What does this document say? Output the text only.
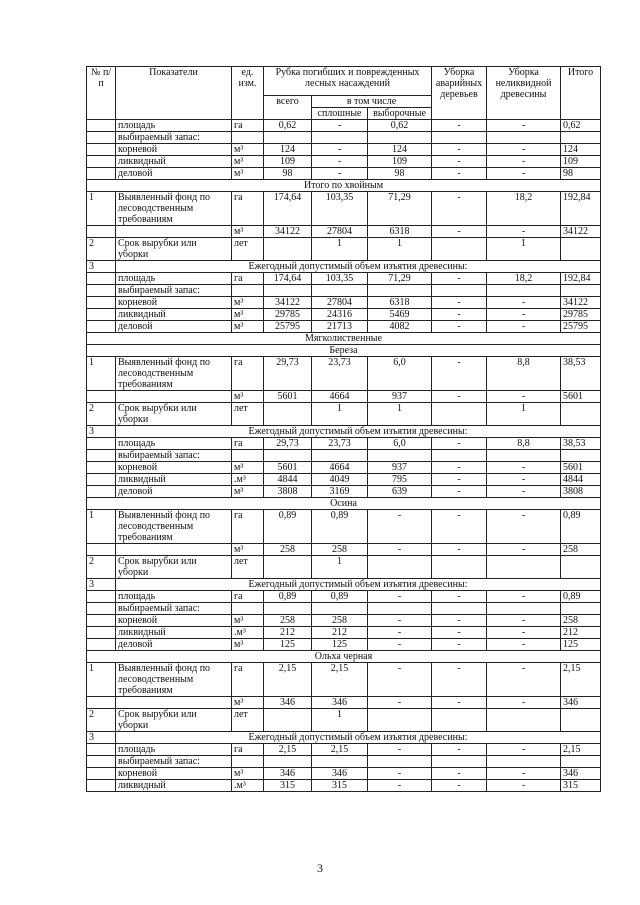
№ п/п	Показатели	ед. изм.	Рубка погибших и поврежденных лесных насаждений			Уборка аварийных деревьев	Уборка неликвидной древесины	Итого
			всего	в том числе				
				сплошные	выборочные			
	площадь	га	0,62	-	0,62	-	-	0,62
	выбираемый запас:							
	корневой	м³	124	-	124	-	-	124
	ликвидный	м³	109	-	109	-	-	109
	деловой	м³	98	-	98	-	-	98
Итого по хвойным								
1	Выявленный фонд по лесоводственным требованиям	га	174,64	103,35	71,29	-	18,2	192,84
		м³	34122	27804	6318	-	-	34122
2	Срок вырубки или уборки	лет		1	1		1	
3	Ежегодный допустимый объем изъятия древесины:							
	площадь	га	174,64	103,35	71,29	-	18,2	192,84
	выбираемый запас:							
	корневой	м³	34122	27804	6318	-	-	34122
	ликвидный	м³	29785	24316	5469	-	-	29785
	деловой	м³	25795	21713	4082	-	-	25795
Мягколиственные								
Береза								
1	Выявленный фонд по лесоводственным требованиям	га	29,73	23,73	6,0	-	8,8	38,53
		м³	5601	4664	937	-	-	5601
2	Срок вырубки или уборки	лет		1	1		1	
3	Ежегодный допустимый объем изъятия древесины:							
	площадь	га	29,73	23,73	6,0	-	8,8	38,53
	выбираемый запас:							
	корневой	м³	5601	4664	937	-	-	5601
	ликвидный	.м³	4844	4049	795	-	-	4844
	деловой	м³	3808	3169	639	-	-	3808
Осина								
1	Выявленный фонд по лесоводственным требованиям	га	0,89	0,89	-	-	-	0,89
		м³	258	258	-	-	-	258
2	Срок вырубки или уборки	лет		1				
3	Ежегодный допустимый объем изъятия древесины:							
	площадь	га	0,89	0,89	-	-	-	0,89
	выбираемый запас:							
	корневой	м³	258	258	-	-	-	258
	ликвидный	.м³	212	212	-	-	-	212
	деловой	м³	125	125	-	-	-	125
Ольха черная								
1	Выявленный фонд по лесоводственным требованиям	га	2,15	2,15	-	-	-	2,15
		м³	346	346	-	-	-	346
2	Срок вырубки или уборки	лет		1				
3	Ежегодный допустимый объем изъятия древесины:							
	площадь	га	2,15	2,15	-	-	-	2,15
	выбираемый запас:							
	корневой	м³	346	346	-	-	-	346
	ликвидный	.м³	315	315	-	-	-	315
3
